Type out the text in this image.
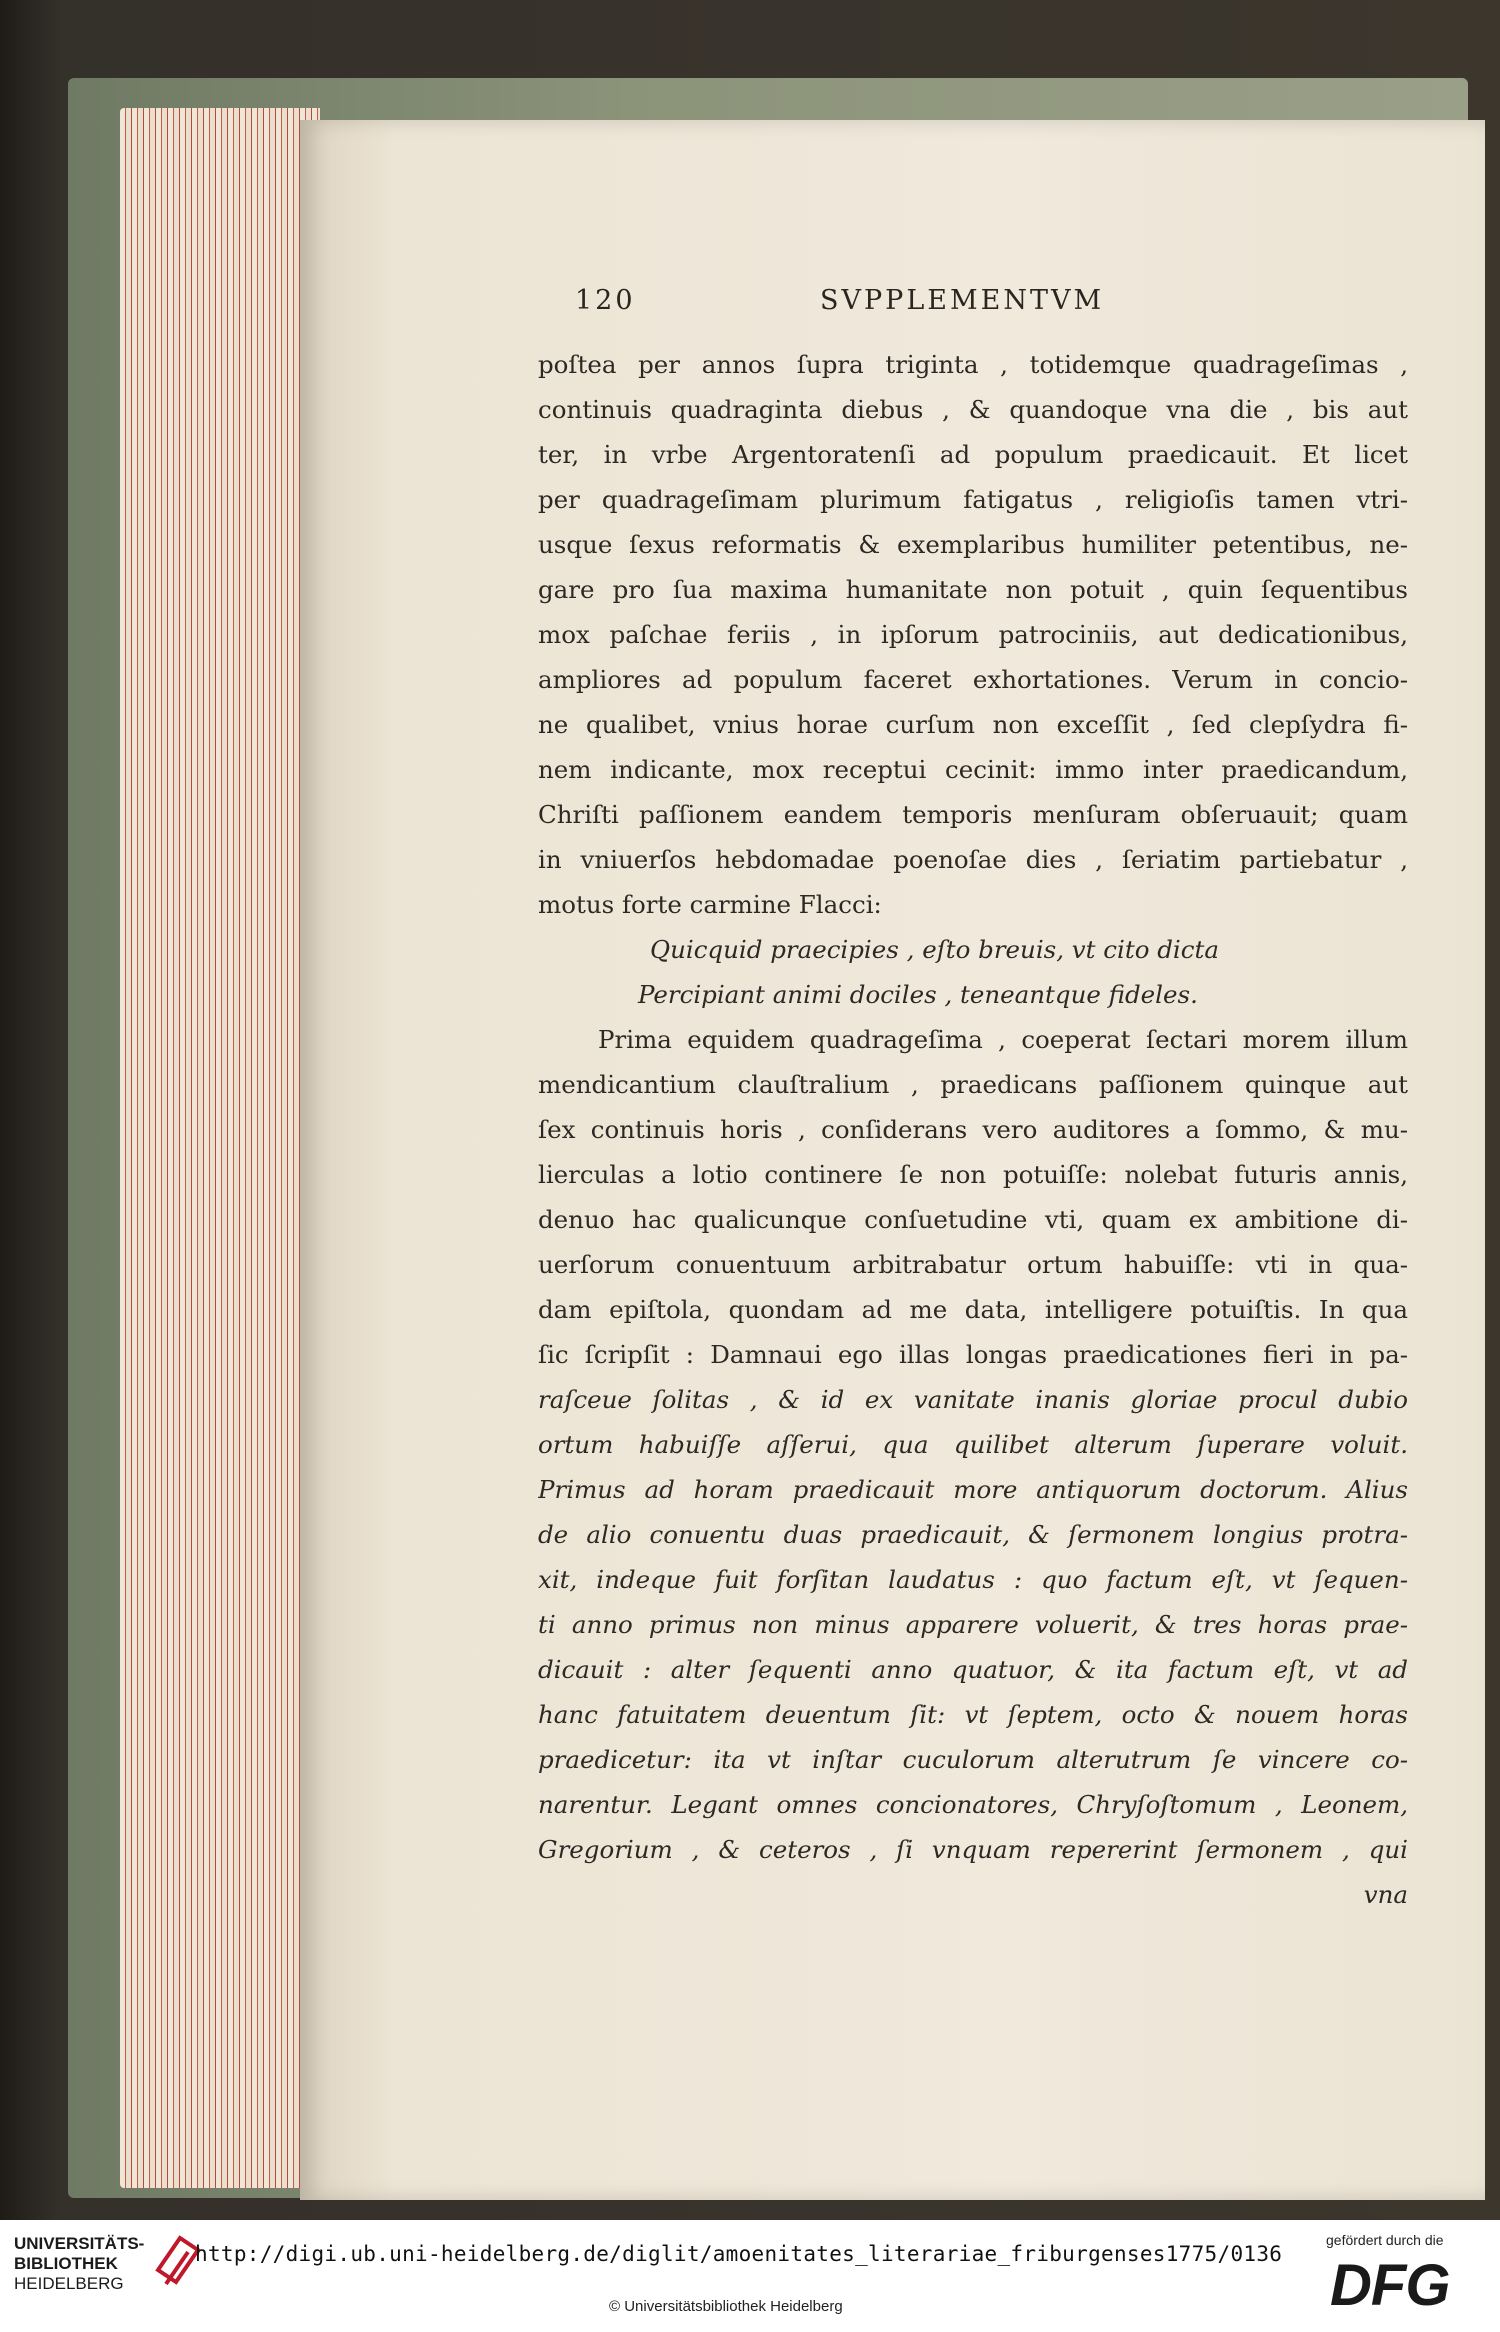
120	SVPPLEMENTVM
poſtea per annos ſupra triginta , totidemque quadrageſimas ,
continuis quadraginta diebus , & quandoque vna die , bis aut
ter, in vrbe Argentoratenſi ad populum praedicauit. Et licet
per quadrageſimam plurimum fatigatus , religioſis tamen vtri-
usque ſexus reformatis & exemplaribus humiliter petentibus, ne-
gare pro ſua maxima humanitate non potuit , quin ſequentibus
mox paſchae feriis , in ipſorum patrociniis, aut dedicationibus,
ampliores ad populum faceret exhortationes. Verum in concio-
ne qualibet, vnius horae curſum non exceſſit , ſed clepſydra fi-
nem indicante, mox receptui cecinit: immo inter praedicandum,
Chriſti paſſionem eandem temporis menſuram obſeruauit; quam
in vniuerſos hebdomadae poenoſae dies , ſeriatim partiebatur ,
motus forte carmine Flacci:
Quicquid praecipies , eſto breuis, vt cito dicta
Percipiant animi dociles , teneantque fideles.
Prima equidem quadrageſima , coeperat ſectari morem illum
mendicantium clauſtralium , praedicans paſſionem quinque aut
ſex continuis horis , conſiderans vero auditores a ſommo, & mu-
lierculas a lotio continere ſe non potuiſſe: nolebat futuris annis,
denuo hac qualicunque conſuetudine vti, quam ex ambitione di-
uerſorum conuentuum arbitrabatur ortum habuiſſe: vti in qua-
dam epiſtola, quondam ad me data, intelligere potuiſtis. In qua
ſic ſcripſit : Damnaui ego illas longas praedicationes fieri in pa-
raſceue ſolitas , & id ex vanitate inanis gloriae procul dubio
ortum habuiſſe aſſerui, qua quilibet alterum ſuperare voluit.
Primus ad horam praedicauit more antiquorum doctorum. Alius
de alio conuentu duas praedicauit, & ſermonem longius protra-
xit, indeque fuit forſitan laudatus : quo factum eſt, vt ſequen-
ti anno primus non minus apparere voluerit, & tres horas prae-
dicauit : alter ſequenti anno quatuor, & ita factum eſt, vt ad
hanc fatuitatem deuentum ſit: vt ſeptem, octo & nouem horas
praedicetur: ita vt inſtar cuculorum alterutrum ſe vincere co-
narentur. Legant omnes concionatores, Chryſoſtomum , Leonem,
Gregorium , & ceteros , ſi vnquam repererint ſermonem , qui
vna
UNIVERSITÄTS-
BIBLIOTHEK
HEIDELBERG
http://digi.ub.uni-heidelberg.de/diglit/amoenitates_literariae_friburgenses1775/0136
© Universitätsbibliothek Heidelberg
gefördert durch die
DFG
